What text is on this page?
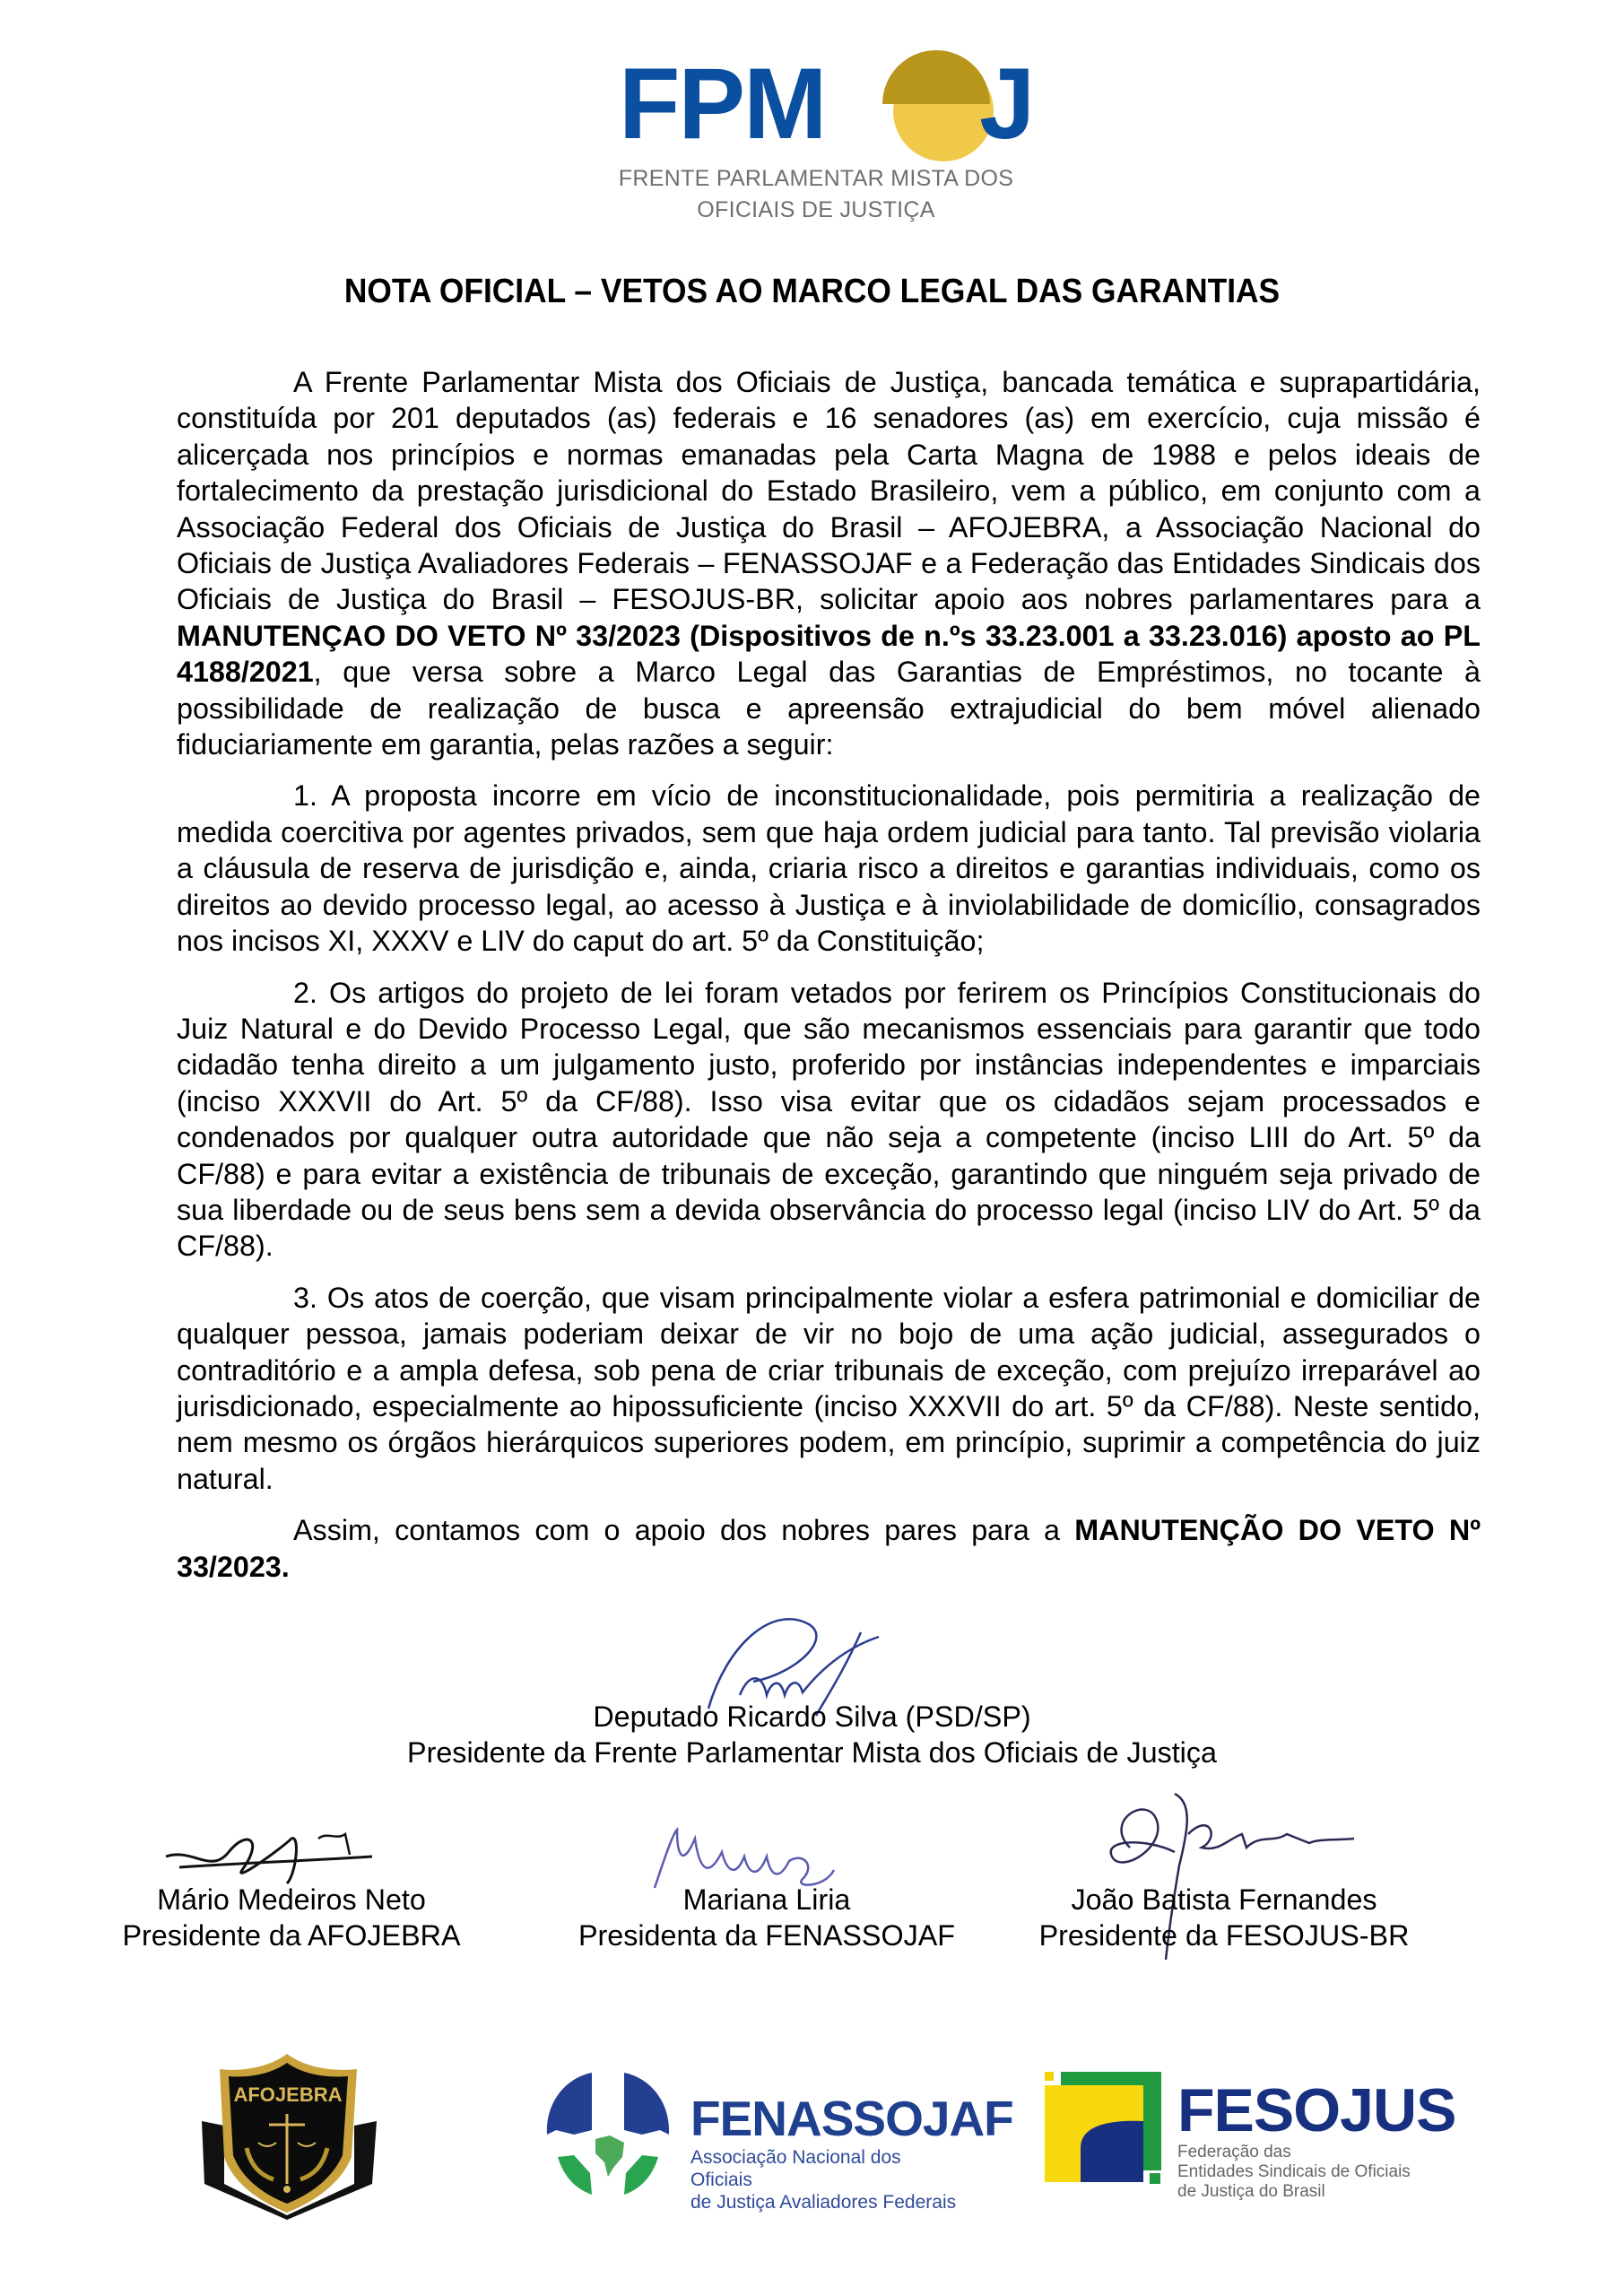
FPM J
FRENTE PARLAMENTAR MISTA DOS
OFICIAIS DE JUSTIÇA
NOTA OFICIAL – VETOS AO MARCO LEGAL DAS GARANTIAS

A Frente Parlamentar Mista dos Oficiais de Justiça, bancada temática e suprapartidária, constituída por 201 deputados (as) federais e 16 senadores (as) em exercício, cuja missão é alicerçada nos princípios e normas emanadas pela Carta Magna de 1988 e pelos ideais de fortalecimento da prestação jurisdicional do Estado Brasileiro, vem a público, em conjunto com a Associação Federal dos Oficiais de Justiça do Brasil – AFOJEBRA, a Associação Nacional do Oficiais de Justiça Avaliadores Federais – FENASSOJAF e a Federação das Entidades Sindicais dos Oficiais de Justiça do Brasil – FESOJUS-BR, solicitar apoio aos nobres parlamentares para a MANUTENÇAO DO VETO Nº 33/2023 (Dispositivos de n.ºs 33.23.001 a 33.23.016) aposto ao PL 4188/2021, que versa sobre a Marco Legal das Garantias de Empréstimos, no tocante à possibilidade de realização de busca e apreensão extrajudicial do bem móvel alienado fiduciariamente em garantia, pelas razões a seguir:

1. A proposta incorre em vício de inconstitucionalidade, pois permitiria a realização de medida coercitiva por agentes privados, sem que haja ordem judicial para tanto. Tal previsão violaria a cláusula de reserva de jurisdição e, ainda, criaria risco a direitos e garantias individuais, como os direitos ao devido processo legal, ao acesso à Justiça e à inviolabilidade de domicílio, consagrados nos incisos XI, XXXV e LIV do caput do art. 5º da Constituição;

2. Os artigos do projeto de lei foram vetados por ferirem os Princípios Constitucionais do Juiz Natural e do Devido Processo Legal, que são mecanismos essenciais para garantir que todo cidadão tenha direito a um julgamento justo, proferido por instâncias independentes e imparciais (inciso XXXVII do Art. 5º da CF/88). Isso visa evitar que os cidadãos sejam processados e condenados por qualquer outra autoridade que não seja a competente (inciso LIII do Art. 5º da CF/88) e para evitar a existência de tribunais de exceção, garantindo que ninguém seja privado de sua liberdade ou de seus bens sem a devida observância do processo legal (inciso LIV do Art. 5º da CF/88).

3. Os atos de coerção, que visam principalmente violar a esfera patrimonial e domiciliar de qualquer pessoa, jamais poderiam deixar de vir no bojo de uma ação judicial, assegurados o contraditório e a ampla defesa, sob pena de criar tribunais de exceção, com prejuízo irreparável ao jurisdicionado, especialmente ao hipossuficiente (inciso XXXVII do art. 5º da CF/88). Neste sentido, nem mesmo os órgãos hierárquicos superiores podem, em princípio, suprimir a competência do juiz natural.

Assim, contamos com o apoio dos nobres pares para a MANUTENÇÃO DO VETO Nº 33/2023.

Deputado Ricardo Silva (PSD/SP)
Presidente da Frente Parlamentar Mista dos Oficiais de Justiça
Mário Medeiros Neto
Presidente da AFOJEBRA
Mariana Liria
Presidenta da FENASSOJAF
João Batista Fernandes
Presidente da FESOJUS-BR
AFOJEBRA	FENASSOJAF
Associação Nacional dos Oficiais
de Justiça Avaliadores Federais
FESOJUS
Federação das
Entidades Sindicais de Oficiais
de Justiça do Brasil
